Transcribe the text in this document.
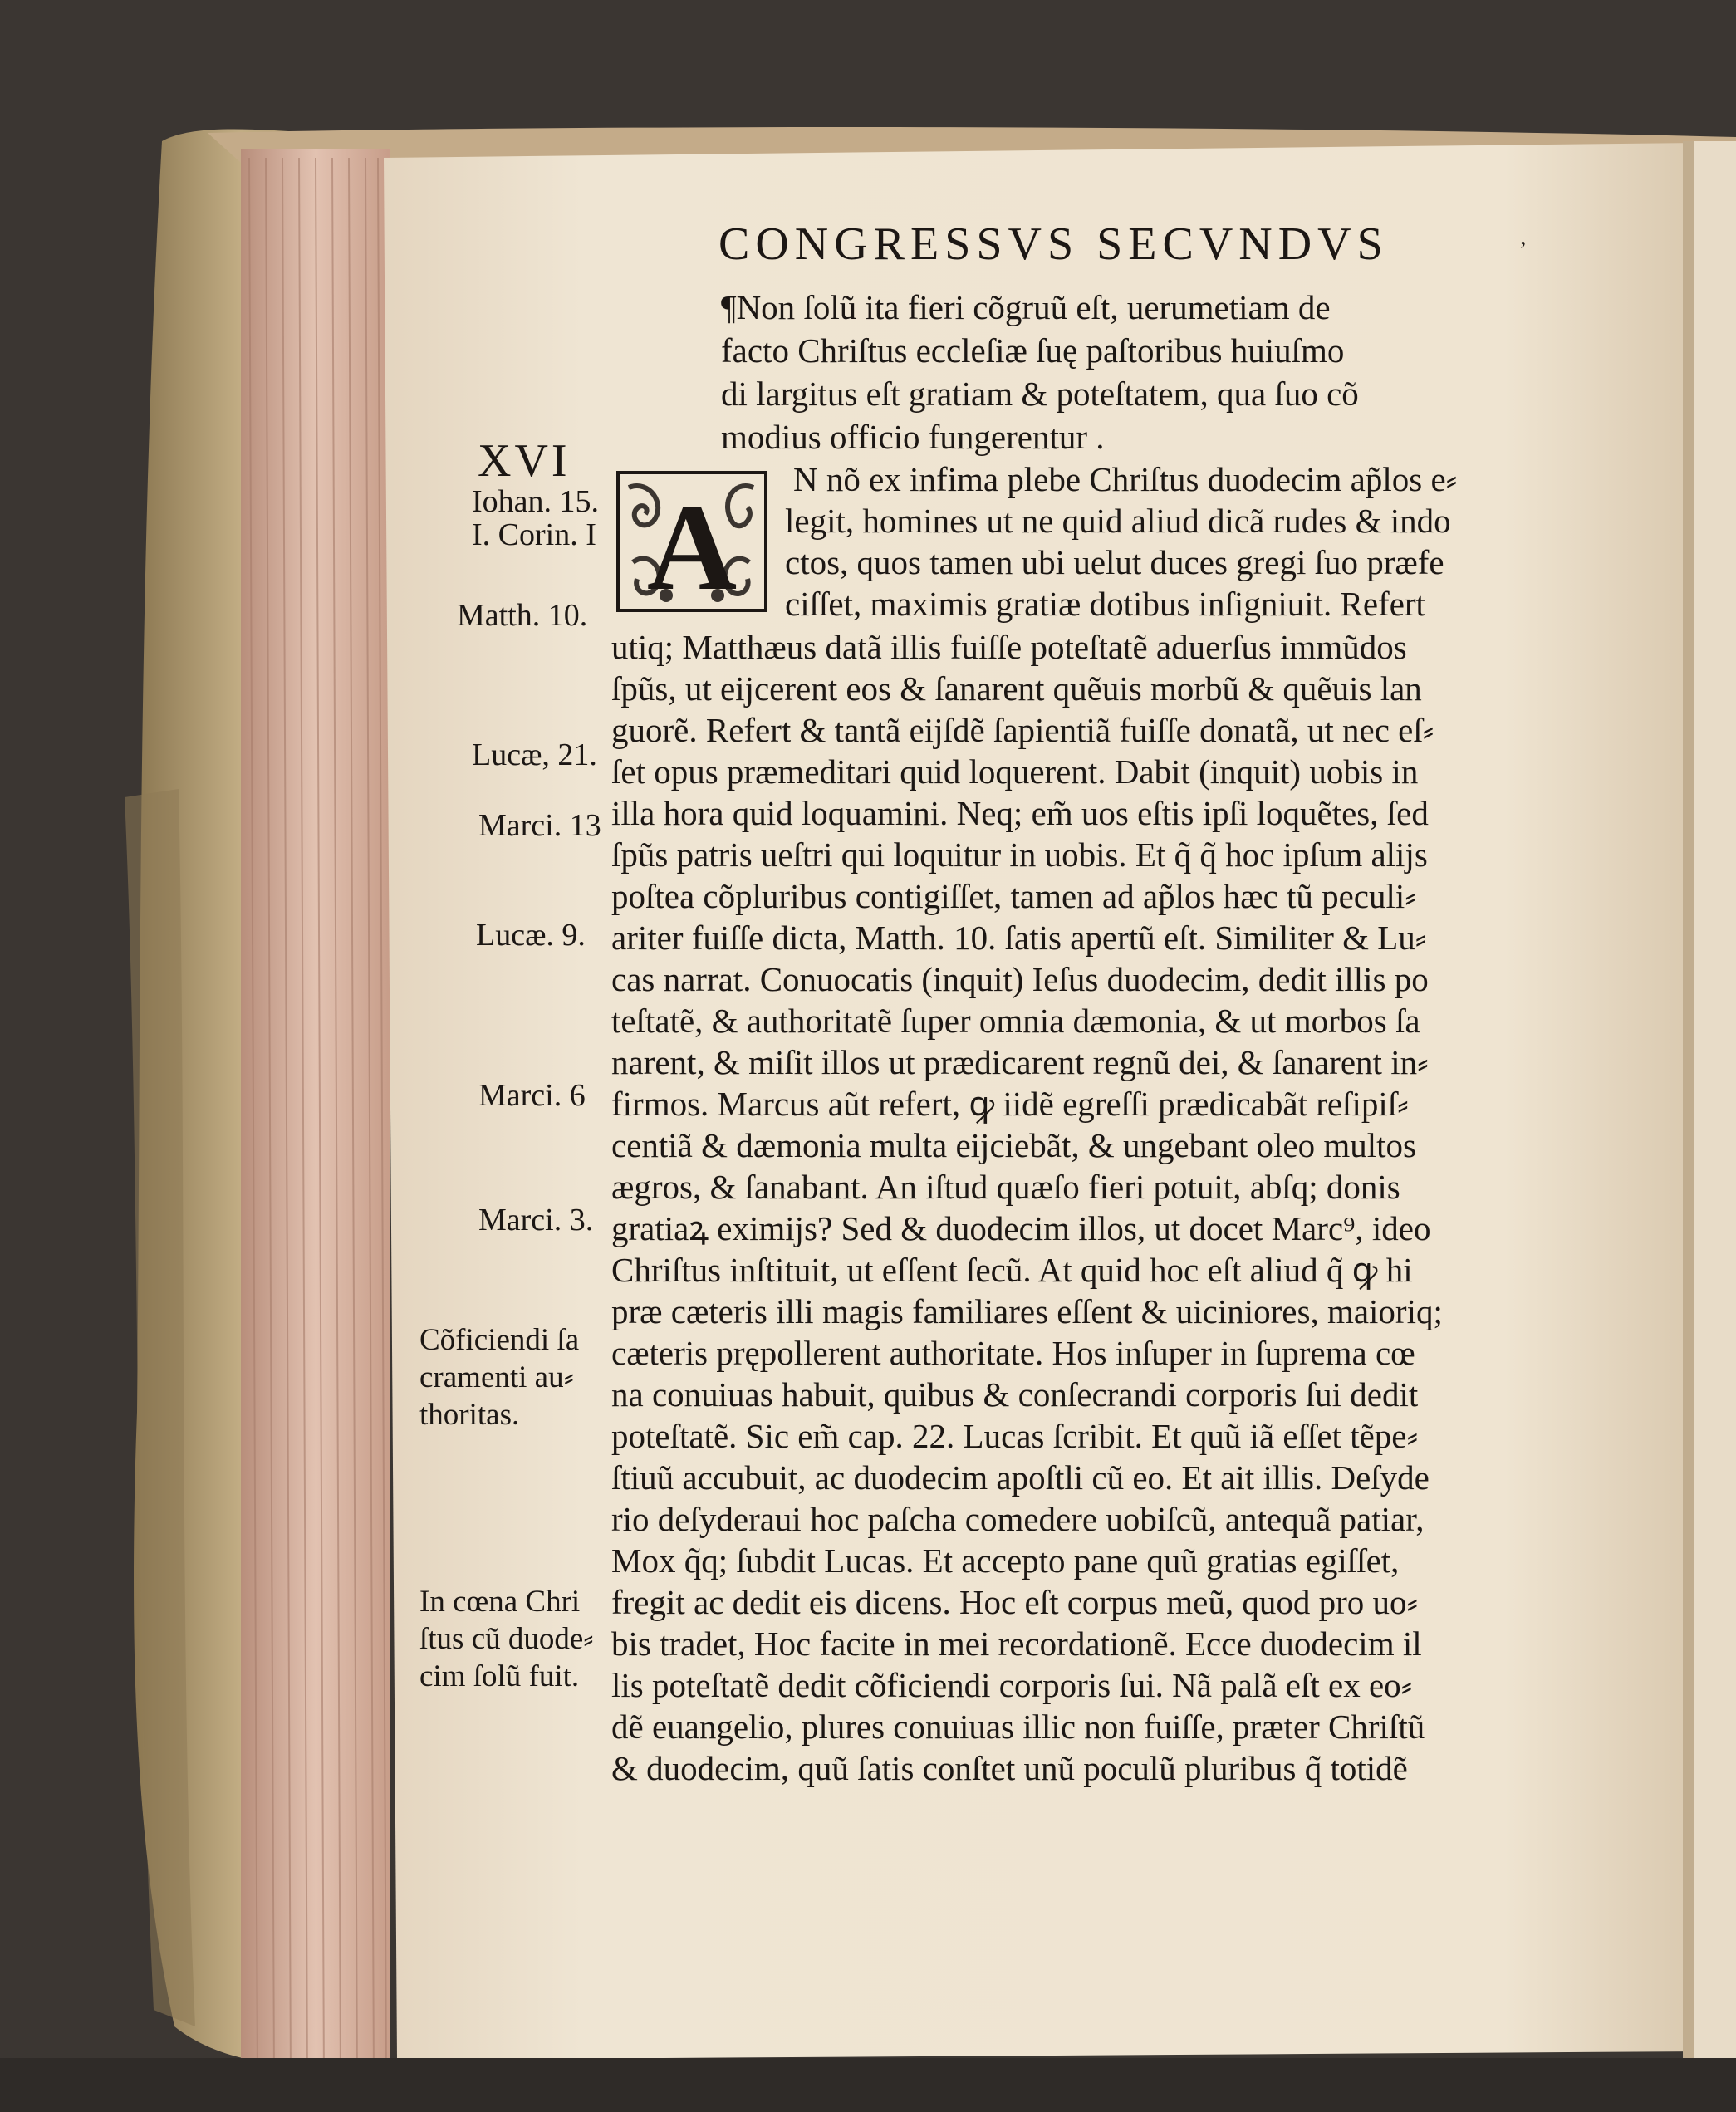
CONGRESSVS SECVNDVS	,
¶Non ſolũ ita fieri cõgruũ eſt, uerumetiam de
facto Chriſtus eccleſiæ ſuę paſtoribus huiuſmo
di largitus eſt gratiam & poteſtatem, qua ſuo cõ
modius officio fungerentur .
A N nõ ex infima plebe Chriſtus duodecim ap̃los e⸗
legit, homines ut ne quid aliud dicã rudes & indo
ctos, quos tamen ubi uelut duces gregi ſuo præfe
ciſſet, maximis gratiæ dotibus inſigniuit. Refert
utiq; Matthæus datã illis fuiſſe poteſtatẽ aduerſus immũdos
ſpũs, ut eijcerent eos & ſanarent quẽuis morbũ & quẽuis lan
guorẽ. Refert & tantã eijſdẽ ſapientiã fuiſſe donatã, ut nec eſ⸗
ſet opus præmeditari quid loquerent. Dabit (inquit) uobis in
illa hora quid loquamini. Neq; em̃ uos eſtis ipſi loquẽtes, ſed
ſpũs patris ueſtri qui loquitur in uobis. Et q̃ q̃ hoc ipſum alijs
poſtea cõpluribus contigiſſet, tamen ad ap̃los hæc tũ peculi⸗
ariter fuiſſe dicta, Matth. 10. ſatis apertũ eſt. Similiter & Lu⸗
cas narrat. Conuocatis (inquit) Ieſus duodecim, dedit illis po
teſtatẽ, & authoritatẽ ſuper omnia dæmonia, & ut morbos ſa
narent, & miſit illos ut prædicarent regnũ dei, & ſanarent in⸗
firmos. Marcus aũt refert, ꝙ iidẽ egreſſi prædicabãt reſipiſ⸗
centiã & dæmonia multa eijciebãt, & ungebant oleo multos
ægros, & ſanabant. An iſtud quæſo fieri potuit, abſq; donis
gratiaꝝ eximijs? Sed & duodecim illos, ut docet Marc⁹, ideo
Chriſtus inſtituit, ut eſſent ſecũ. At quid hoc eſt aliud q̃ ꝙ hi
præ cæteris illi magis familiares eſſent & uiciniores, maioriq;
cæteris prępollerent authoritate. Hos inſuper in ſuprema cœ
na conuiuas habuit, quibus & conſecrandi corporis ſui dedit
poteſtatẽ. Sic em̃ cap. 22. Lucas ſcribit. Et quũ iã eſſet tẽpe⸗
ſtiuũ accubuit, ac duodecim apoſtli cũ eo. Et ait illis. Deſyde
rio deſyderaui hoc paſcha comedere uobiſcũ, antequã patiar,
Mox q̃q; ſubdit Lucas. Et accepto pane quũ gratias egiſſet,
fregit ac dedit eis dicens. Hoc eſt corpus meũ, quod pro uo⸗
bis tradet, Hoc facite in mei recordationẽ. Ecce duodecim il
lis poteſtatẽ dedit cõficiendi corporis ſui. Nã palã eſt ex eo⸗
dẽ euangelio, plures conuiuas illic non fuiſſe, præter Chriſtũ
& duodecim, quũ ſatis conſtet unũ poculũ pluribus q̃ totidẽ
XVI
Iohan. 15.
I. Corin. I
Matth. 10.
Lucæ, 21.
Marci. 13
Lucæ. 9.
Marci. 6
Marci. 3.
Cõficiendi ſa
cramenti au⸗
thoritas.
In cœna Chri
ſtus cũ duode⸗
cim ſolũ fuit.
